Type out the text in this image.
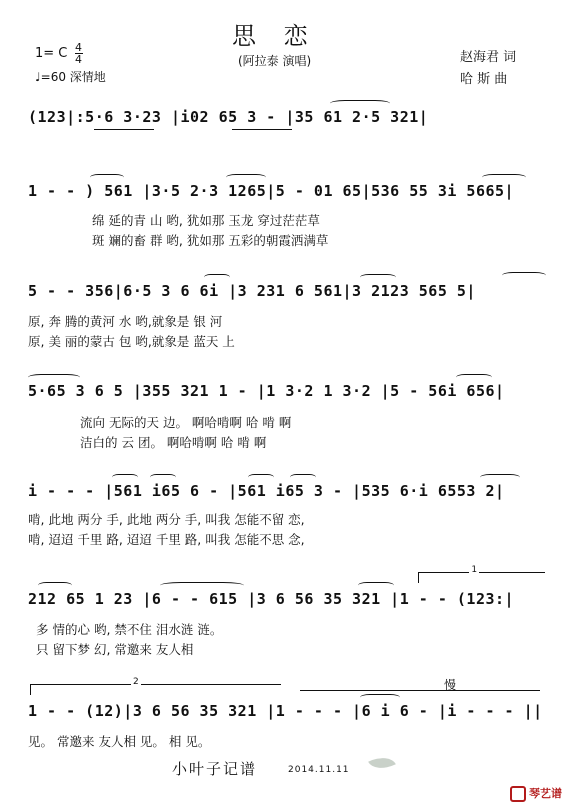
思 恋
(阿拉泰 演唱)
1= C $\frac{4}{4}$
♩=60 深情地
赵海君 词
哈 斯 曲
(123|:5·6 3·23 |i02 65 3 - |35 61 2·5 321|
1 - - ) 561 |3·5 2·3 1265|5 - 01 65|536 55 3i 5665|
绵 延的青 山 哟, 犹如那 玉龙 穿过茫茫草
斑 斓的畜 群 哟, 犹如那 五彩的朝霞洒满草
5 - - 356|6·5 3 6 6i |3 231 6 561|3 2123 565 5|
原, 奔 腾的黄河 水 哟,就象是 银 河
原, 美 丽的蒙古 包 哟,就象是 蓝天 上
5·65 3 6 5 |355 321 1 - |1 3·2 1 3·2 |5 - 56i 656|
流向 无际的天 边。 啊哈啃啊 哈 啃 啊
洁白的 云 团。 啊哈啃啊 哈 啃 啊
i - - - |561 i65 6 - |561 i65 3 - |535 6·i 6553 2|
啃, 此地 两分 手, 此地 两分 手, 叫我 怎能不留 恋,
啃, 迢迢 千里 路, 迢迢 千里 路, 叫我 怎能不思 念,
1
212 65 1 23 |6 - - 615 |3 6 56 35 321 |1 - - (123:|
多 情的心 哟, 禁不住 泪水涟 涟。
只 留下梦 幻, 常邀来 友人相
2	慢
1 - - (12)|3 6 56 35 321 |1 - - - |6 i 6 - |i - - - ||
见。 常邀来 友人相 见。 相 见。
小叶子记谱	2014.11.11
琴艺谱
